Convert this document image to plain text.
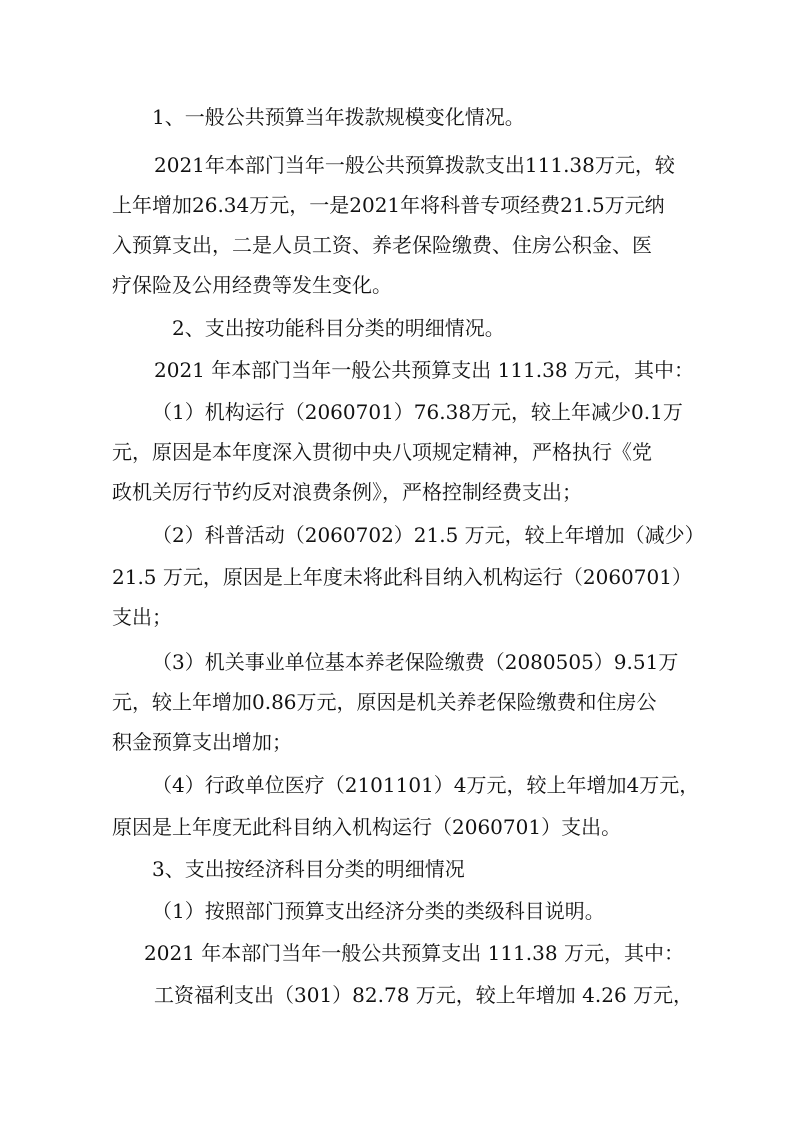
1、一般公共预算当年拨款规模变化情况。
2021年本部门当年一般公共预算拨款支出111.38万元，较
上年增加26.34万元，一是2021年将科普专项经费21.5万元纳
入预算支出，二是人员工资、养老保险缴费、住房公积金、医
疗保险及公用经费等发生变化。
2、支出按功能科目分类的明细情况。
2021 年本部门当年一般公共预算支出 111.38 万元，其中：
（1）机构运行（2060701）76.38万元，较上年减少0.1万
元，原因是本年度深入贯彻中央八项规定精神，严格执行《党
政机关厉行节约反对浪费条例》，严格控制经费支出；
（2）科普活动（2060702）21.5 万元，较上年增加（减少）
21.5 万元，原因是上年度未将此科目纳入机构运行（2060701）
支出；
（3）机关事业单位基本养老保险缴费（2080505）9.51万
元，较上年增加0.86万元，原因是机关养老保险缴费和住房公
积金预算支出增加；
（4）行政单位医疗（2101101）4万元，较上年增加4万元，
原因是上年度无此科目纳入机构运行（2060701）支出。
3、支出按经济科目分类的明细情况
（1）按照部门预算支出经济分类的类级科目说明。
2021 年本部门当年一般公共预算支出 111.38 万元，其中：
工资福利支出（301）82.78 万元，较上年增加 4.26 万元，
